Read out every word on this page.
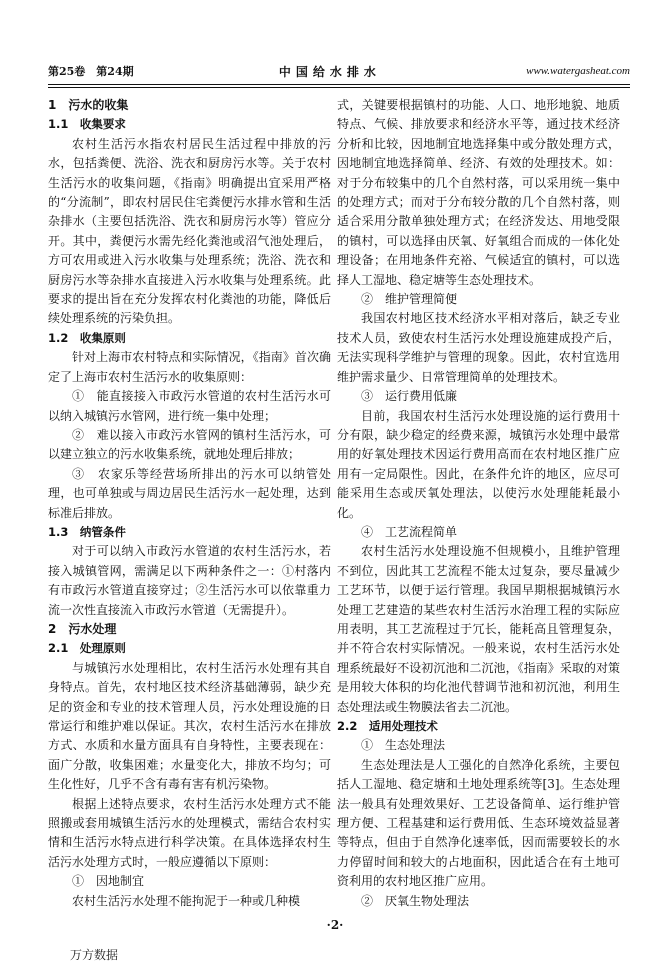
第25卷　第24期	中国给水排水	www.watergasheat.com
1　污水的收集
1.1　收集要求

农村生活污水指农村居民生活过程中排放的污水，包括粪便、洗浴、洗衣和厨房污水等。关于农村生活污水的收集问题，《指南》明确提出宜采用严格的“分流制”，即农村居民住宅粪便污水排水管和生活杂排水（主要包括洗浴、洗衣和厨房污水等）管应分开。其中，粪便污水需先经化粪池或沼气池处理后，方可农用或进入污水收集与处理系统；洗浴、洗衣和厨房污水等杂排水直接进入污水收集与处理系统。此要求的提出旨在充分发挥农村化粪池的功能，降低后续处理系统的污染负担。

1.2　收集原则

针对上海市农村特点和实际情况，《指南》首次确定了上海市农村生活污水的收集原则：

①　能直接接入市政污水管道的农村生活污水可以纳入城镇污水管网，进行统一集中处理；

②　难以接入市政污水管网的镇村生活污水，可以建立独立的污水收集系统，就地处理后排放；

③　农家乐等经营场所排出的污水可以纳管处理，也可单独或与周边居民生活污水一起处理，达到标准后排放。

1.3　纳管条件

对于可以纳入市政污水管道的农村生活污水，若接入城镇管网，需满足以下两种条件之一：①村落内有市政污水管道直接穿过；②生活污水可以依靠重力流一次性直接流入市政污水管道（无需提升）。

2　污水处理
2.1　处理原则

与城镇污水处理相比，农村生活污水处理有其自身特点。首先，农村地区技术经济基础薄弱，缺少充足的资金和专业的技术管理人员，污水处理设施的日常运行和维护难以保证。其次，农村生活污水在排放方式、水质和水量方面具有自身特性，主要表现在：面广分散，收集困难；水量变化大，排放不均匀；可生化性好，几乎不含有毒有害有机污染物。

根据上述特点要求，农村生活污水处理方式不能照搬或套用城镇生活污水的处理模式，需结合农村实情和生活污水特点进行科学决策。在具体选择农村生活污水处理方式时，一般应遵循以下原则：

①　因地制宜

农村生活污水处理不能拘泥于一种或几种模

式，关键要根据镇村的功能、人口、地形地貌、地质特点、气候、排放要求和经济水平等，通过技术经济分析和比较，因地制宜地选择集中或分散处理方式，因地制宜地选择简单、经济、有效的处理技术。如：对于分布较集中的几个自然村落，可以采用统一集中的处理方式；而对于分布较分散的几个自然村落，则适合采用分散单独处理方式；在经济发达、用地受限的镇村，可以选择由厌氧、好氧组合而成的一体化处理设备；在用地条件充裕、气候适宜的镇村，可以选择人工湿地、稳定塘等生态处理技术。

②　维护管理简便

我国农村地区技术经济水平相对落后，缺乏专业技术人员，致使农村生活污水处理设施建成投产后，无法实现科学维护与管理的现象。因此，农村宜选用维护需求量少、日常管理简单的处理技术。

③　运行费用低廉

目前，我国农村生活污水处理设施的运行费用十分有限，缺少稳定的经费来源，城镇污水处理中最常用的好氧处理技术因运行费用高而在农村地区推广应用有一定局限性。因此，在条件允许的地区，应尽可能采用生态或厌氧处理法，以使污水处理能耗最小化。

④　工艺流程简单

农村生活污水处理设施不但规模小，且维护管理不到位，因此其工艺流程不能太过复杂，要尽量减少工艺环节，以便于运行管理。我国早期根据城镇污水处理工艺建造的某些农村生活污水治理工程的实际应用表明，其工艺流程过于冗长，能耗高且管理复杂，并不符合农村实际情况。一般来说，农村生活污水处理系统最好不设初沉池和二沉池，《指南》采取的对策是用较大体积的均化池代替调节池和初沉池，利用生态处理法或生物膜法省去二沉池。

2.2　适用处理技术

①　生态处理法

生态处理法是人工强化的自然净化系统，主要包括人工湿地、稳定塘和土地处理系统等[3]。生态处理法一般具有处理效果好、工艺设备简单、运行维护管理方便、工程基建和运行费用低、生态环境效益显著等特点，但由于自然净化速率低，因而需要较长的水力停留时间和较大的占地面积，因此适合在有土地可资利用的农村地区推广应用。

②　厌氧生物处理法

·2·
万方数据
